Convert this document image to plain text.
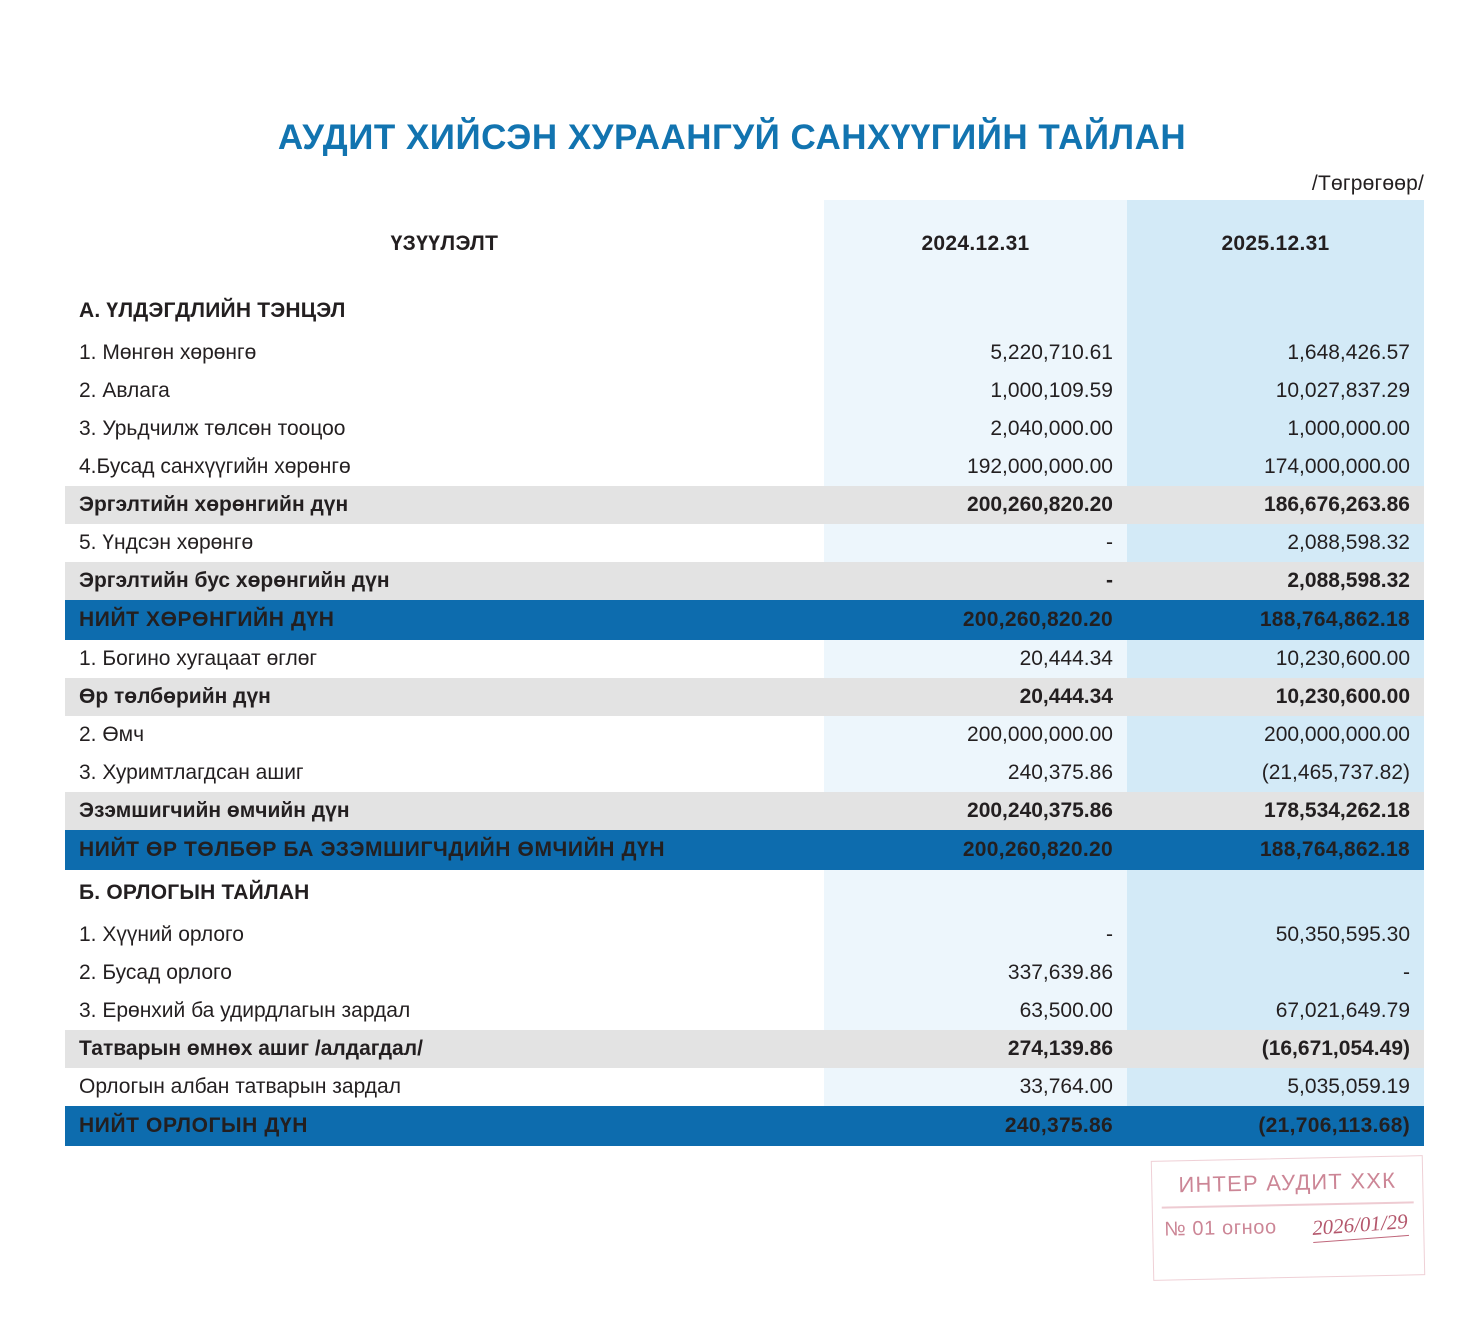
АУДИТ ХИЙСЭН ХУРААНГУЙ САНХҮҮГИЙН ТАЙЛАН
/Төгрөгөөр/
ҮЗҮҮЛЭЛТ	2024.12.31	2025.12.31
А. ҮЛДЭГДЛИЙН ТЭНЦЭЛ		
1. Мөнгөн хөрөнгө	5,220,710.61	1,648,426.57
2. Авлага	1,000,109.59	10,027,837.29
3. Урьдчилж төлсөн тооцоо	2,040,000.00	1,000,000.00
4.Бусад санхүүгийн хөрөнгө	192,000,000.00	174,000,000.00
Эргэлтийн хөрөнгийн дүн	200,260,820.20	186,676,263.86
5. Үндсэн хөрөнгө	-	2,088,598.32
Эргэлтийн бус хөрөнгийн дүн	-	2,088,598.32
НИЙТ ХӨРӨНГИЙН ДҮН	200,260,820.20	188,764,862.18
1. Богино хугацаат өглөг	20,444.34	10,230,600.00
Өр төлбөрийн дүн	20,444.34	10,230,600.00
2. Өмч	200,000,000.00	200,000,000.00
3. Хуримтлагдсан ашиг	240,375.86	(21,465,737.82)
Эзэмшигчийн өмчийн дүн	200,240,375.86	178,534,262.18
НИЙТ ӨР ТӨЛБӨР БА ЭЗЭМШИГЧДИЙН ӨМЧИЙН ДҮН	200,260,820.20	188,764,862.18
Б. ОРЛОГЫН ТАЙЛАН		
1. Хүүний орлого	-	50,350,595.30
2. Бусад орлого	337,639.86	-
3. Ерөнхий ба удирдлагын зардал	63,500.00	67,021,649.79
Татварын өмнөх ашиг /алдагдал/	274,139.86	(16,671,054.49)
Орлогын албан татварын зардал	33,764.00	5,035,059.19
НИЙТ ОРЛОГЫН ДҮН	240,375.86	(21,706,113.68)
ИНТЕР АУДИТ ХХК
№ 01 огноо 2026/01/29
